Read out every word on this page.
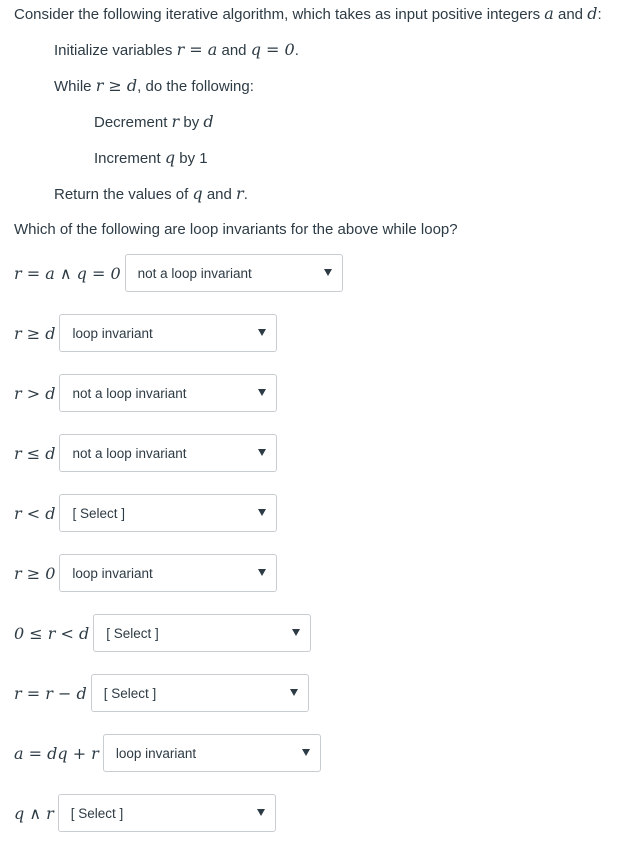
Consider the following iterative algorithm, which takes as input positive integers a and d:
Initialize variables r = a and q = 0.
While r ≥ d, do the following:
Decrement r by d
Increment q by 1
Return the values of q and r.
Which of the following are loop invariants for the above while loop?
r = a ∧ q = 0 not a loop invariant
r ≥ d loop invariant
r > d not a loop invariant
r ≤ d not a loop invariant
r < d [ Select ]
r ≥ 0 loop invariant
0 ≤ r < d [ Select ]
r = r − d [ Select ]
a = dq + r loop invariant
q ∧ r [ Select ]
